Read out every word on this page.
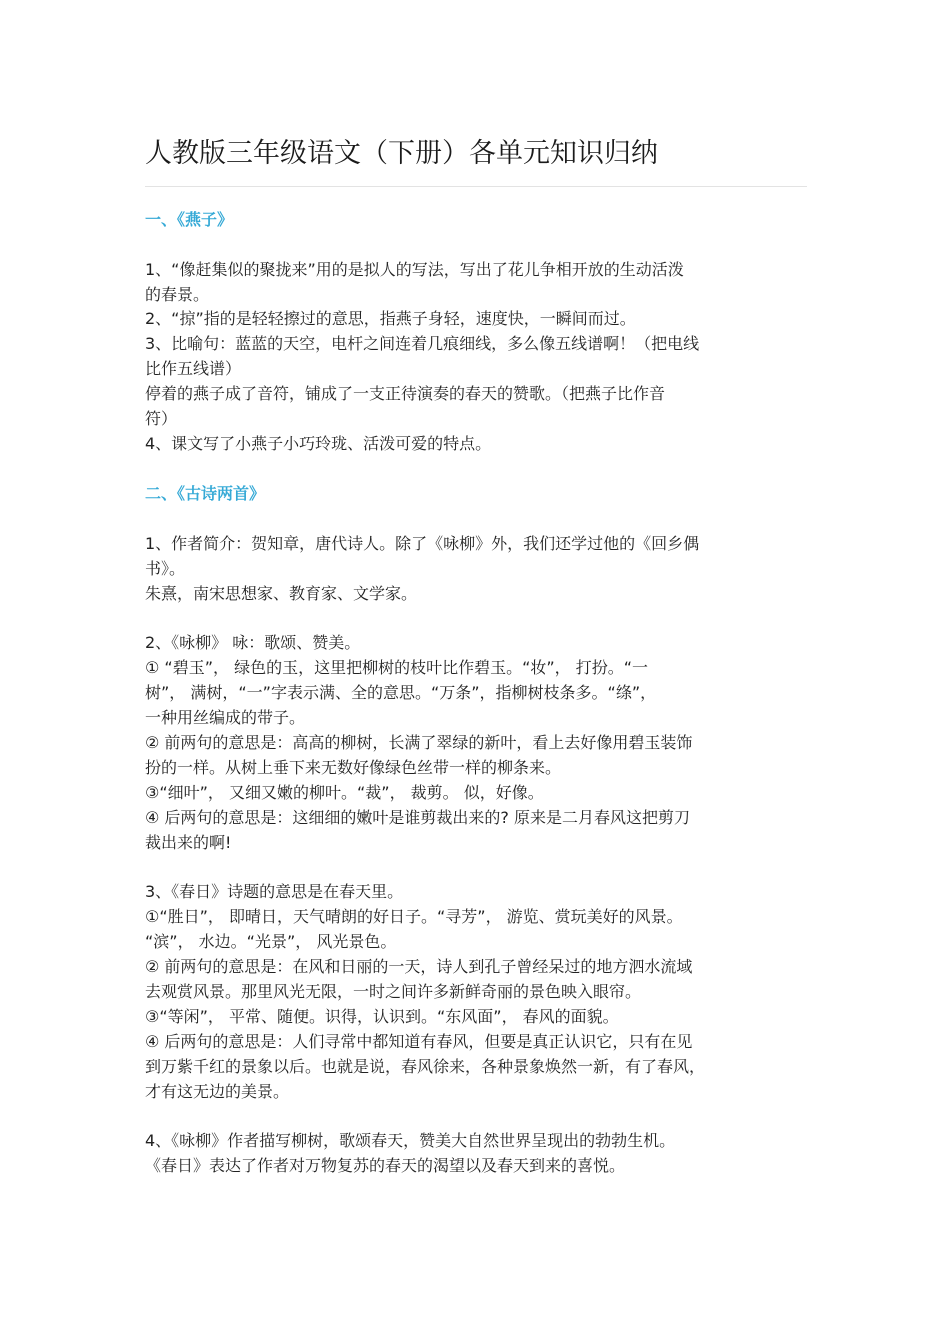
人教版三年级语文（下册）各单元知识归纳
一、《燕子》
1、“像赶集似的聚拢来”用的是拟人的写法，写出了花儿争相开放的生动活泼
的春景。
2、“掠”指的是轻轻擦过的意思，指燕子身轻，速度快，一瞬间而过。
3、比喻句：蓝蓝的天空，电杆之间连着几痕细线，多么像五线谱啊！（把电线
比作五线谱）
停着的燕子成了音符，铺成了一支正待演奏的春天的赞歌。（把燕子比作音
符）
4、课文写了小燕子小巧玲珑、活泼可爱的特点。
二、《古诗两首》
1、作者简介：贺知章，唐代诗人。除了《咏柳》外，我们还学过他的《回乡偶
书》。
朱熹，南宋思想家、教育家、文学家。
2、《咏柳》 咏：歌颂、赞美。
① “碧玉”， 绿色的玉，这里把柳树的枝叶比作碧玉。“妆”， 打扮。“一
树”， 满树，“一”字表示满、全的意思。“万条”，指柳树枝条多。“绦”，
一种用丝编成的带子。
② 前两句的意思是：高高的柳树，长满了翠绿的新叶，看上去好像用碧玉装饰
扮的一样。从树上垂下来无数好像绿色丝带一样的柳条来。
③“细叶”， 又细又嫩的柳叶。“裁”， 裁剪。 似，好像。
④ 后两句的意思是：这细细的嫩叶是谁剪裁出来的? 原来是二月春风这把剪刀
裁出来的啊!
3、《春日》诗题的意思是在春天里。
①“胜日”， 即晴日，天气晴朗的好日子。“寻芳”， 游览、赏玩美好的风景。
“滨”， 水边。“光景”， 风光景色。
② 前两句的意思是：在风和日丽的一天，诗人到孔子曾经呆过的地方泗水流域
去观赏风景。那里风光无限，一时之间许多新鲜奇丽的景色映入眼帘。
③“等闲”， 平常、随便。识得，认识到。“东风面”， 春风的面貌。
④ 后两句的意思是：人们寻常中都知道有春风，但要是真正认识它，只有在见
到万紫千红的景象以后。也就是说，春风徐来，各种景象焕然一新，有了春风，
才有这无边的美景。
4、《咏柳》作者描写柳树，歌颂春天，赞美大自然世界呈现出的勃勃生机。
《春日》表达了作者对万物复苏的春天的渴望以及春天到来的喜悦。
